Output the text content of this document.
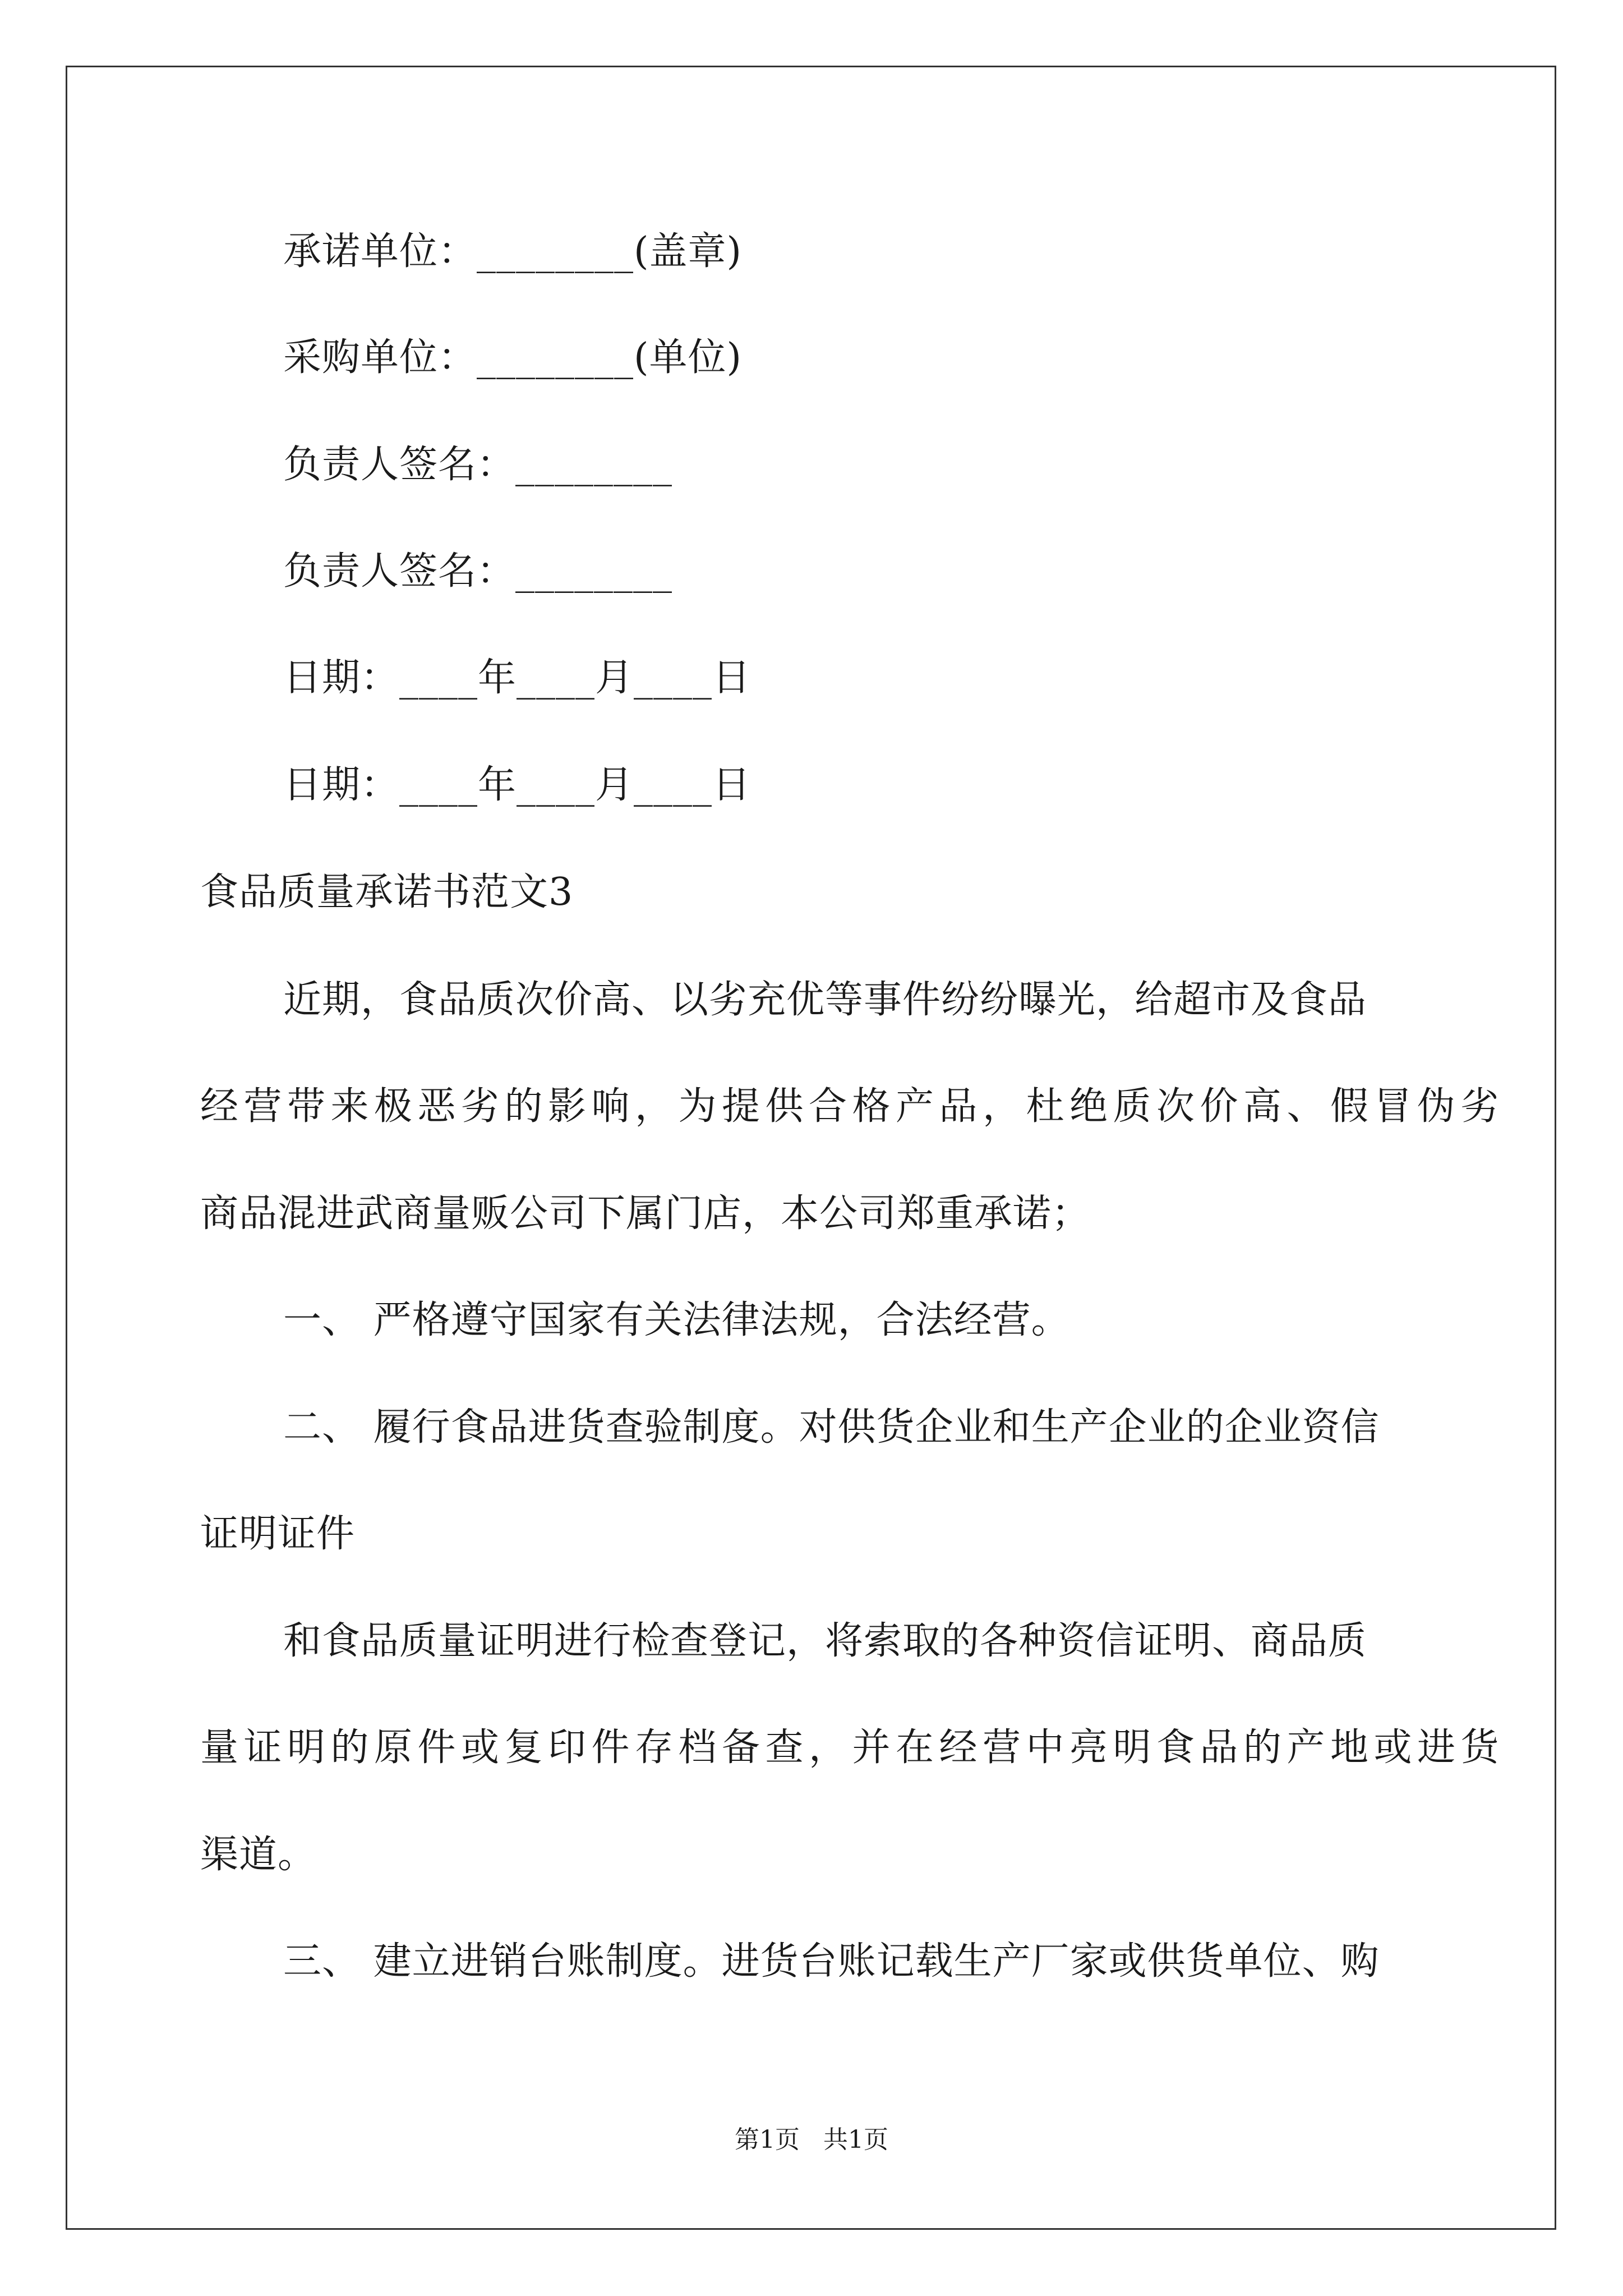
承诺单位：________(盖章)
采购单位：________(单位)
负责人签名：________
负责人签名：________
日期：____年____月____日
日期：____年____月____日
食品质量承诺书范文3
近期，食品质次价高、以劣充优等事件纷纷曝光，给超市及食品
经营带来极恶劣的影响，为提供合格产品，杜绝质次价高、假冒伪劣
商品混进武商量贩公司下属门店，本公司郑重承诺；
一、 严格遵守国家有关法律法规，合法经营。
二、 履行食品进货查验制度。对供货企业和生产企业的企业资信
证明证件
和食品质量证明进行检查登记，将索取的各种资信证明、商品质
量证明的原件或复印件存档备查，并在经营中亮明食品的产地或进货
渠道。
三、 建立进销台账制度。进货台账记载生产厂家或供货单位、购
第1页   共1页
